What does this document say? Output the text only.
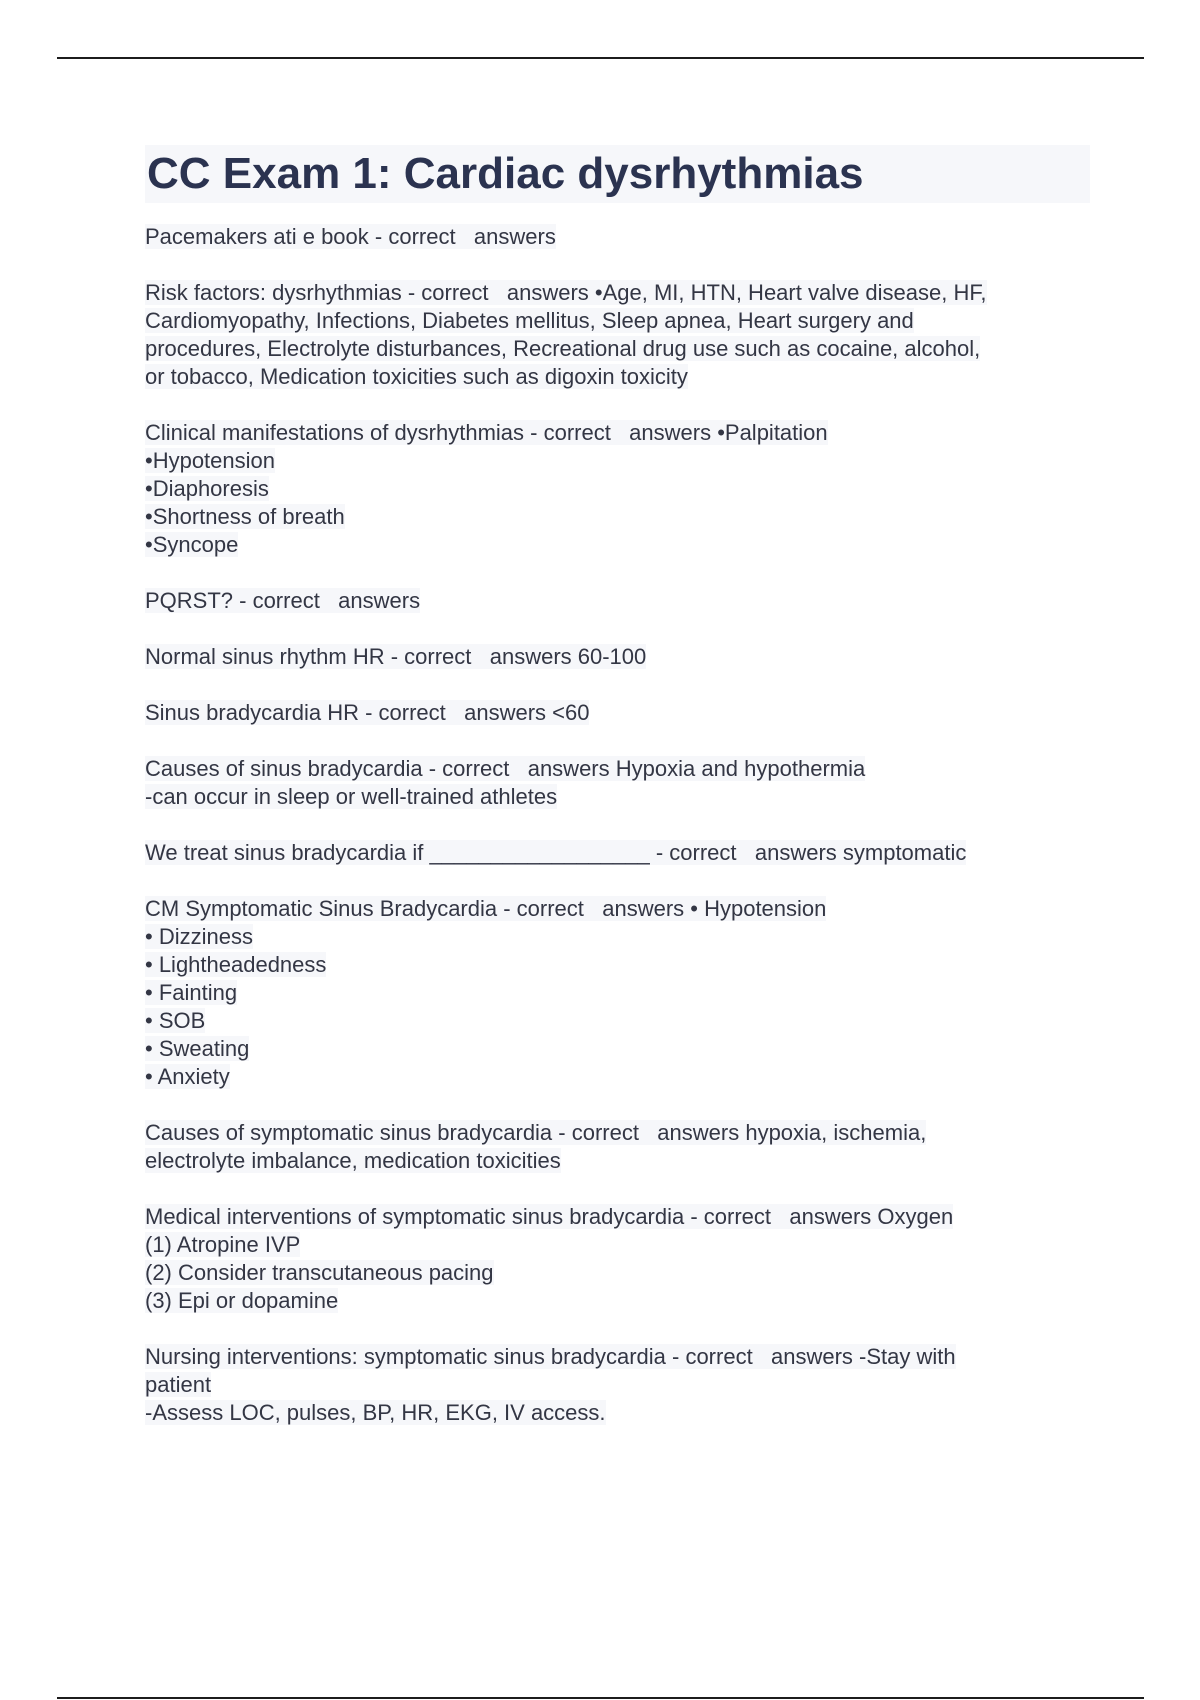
CC Exam 1: Cardiac dysrhythmias
Pacemakers ati e book - correct   answers
Risk factors: dysrhythmias - correct   answers •Age, MI, HTN, Heart valve disease, HF,
Cardiomyopathy, Infections, Diabetes mellitus, Sleep apnea, Heart surgery and
procedures, Electrolyte disturbances, Recreational drug use such as cocaine, alcohol,
or tobacco, Medication toxicities such as digoxin toxicity
Clinical manifestations of dysrhythmias - correct   answers •Palpitation
•Hypotension
•Diaphoresis
•Shortness of breath
•Syncope
PQRST? - correct   answers
Normal sinus rhythm HR - correct   answers 60-100
Sinus bradycardia HR - correct   answers <60
Causes of sinus bradycardia - correct   answers Hypoxia and hypothermia
-can occur in sleep or well-trained athletes
We treat sinus bradycardia if __________________ - correct   answers symptomatic
CM Symptomatic Sinus Bradycardia - correct   answers • Hypotension
• Dizziness
• Lightheadedness
• Fainting
• SOB
• Sweating
• Anxiety
Causes of symptomatic sinus bradycardia - correct   answers hypoxia, ischemia,
electrolyte imbalance, medication toxicities
Medical interventions of symptomatic sinus bradycardia - correct   answers Oxygen
(1) Atropine IVP
(2) Consider transcutaneous pacing
(3) Epi or dopamine
Nursing interventions: symptomatic sinus bradycardia - correct   answers -Stay with
patient
-Assess LOC, pulses, BP, HR, EKG, IV access.
